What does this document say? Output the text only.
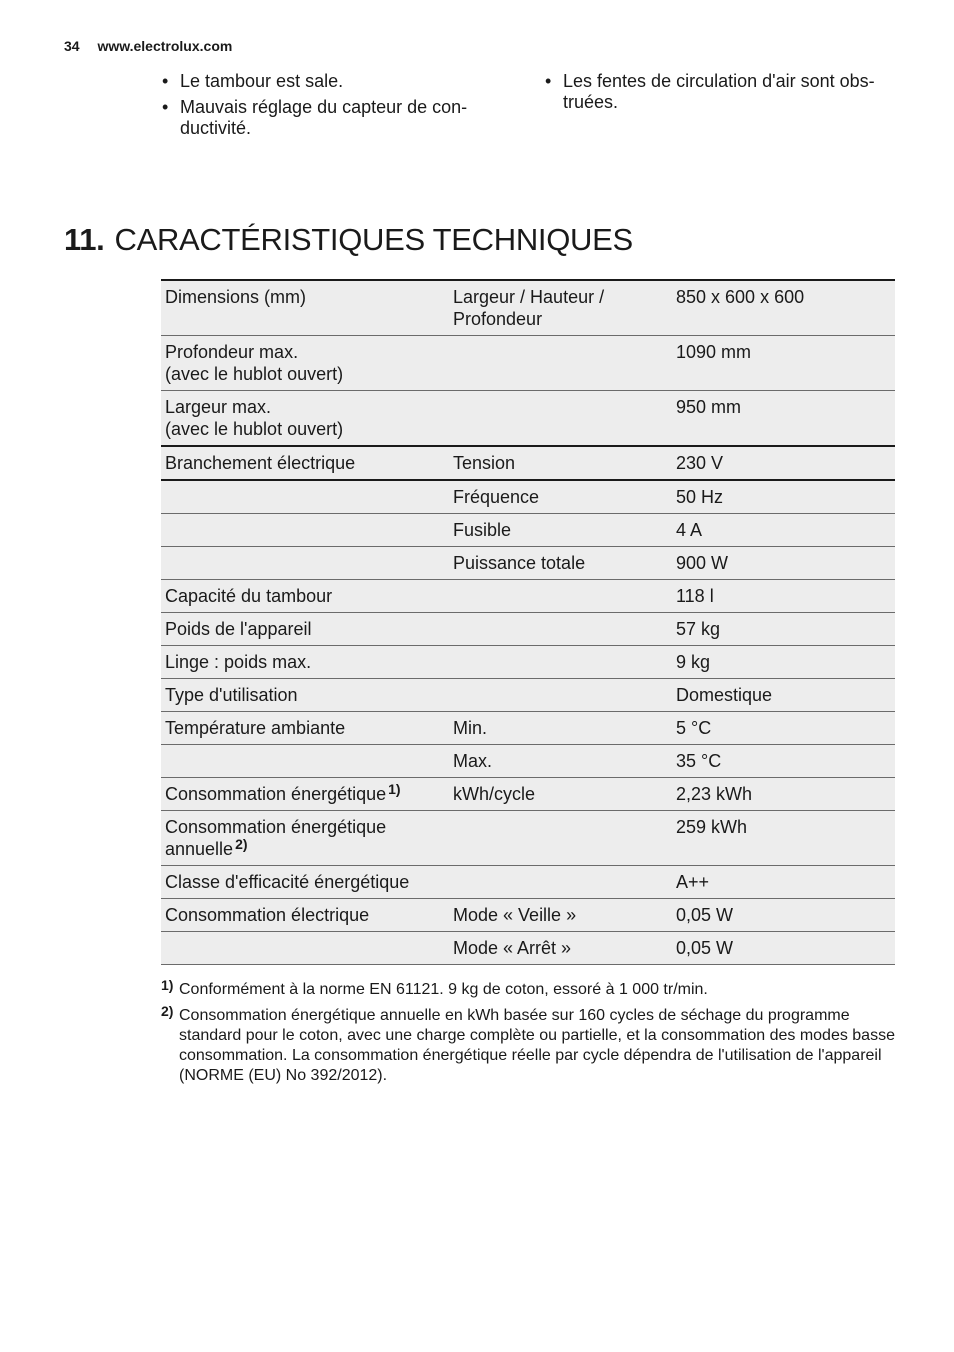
34 www.electrolux.com
• Le tambour est sale.
• Mauvais réglage du capteur de con-
ductivité.
• Les fentes de circulation d'air sont obs-
truées.
11. CARACTÉRISTIQUES TECHNIQUES
Dimensions (mm)	Largeur / Hauteur / Profondeur	850 x 600 x 600
Profondeur max.
(avec le hublot ouvert)		1090 mm
Largeur max.
(avec le hublot ouvert)		950 mm
Branchement électrique	Tension	230 V
	Fréquence	50 Hz
	Fusible	4 A
	Puissance totale	900 W
Capacité du tambour		118 l
Poids de l'appareil		57 kg
Linge : poids max.		9 kg
Type d'utilisation		Domestique
Température ambiante	Min.	5 °C
	Max.	35 °C
Consommation énergétique $^{1)}$	kWh/cycle	2,23 kWh
Consommation énergétique
annuelle $^{2)}$		259 kWh
Classe d'efficacité énergétique		A++
Consommation électrique	Mode « Veille »	0,05 W
	Mode « Arrêt »	0,05 W
1) Conformément à la norme EN 61121. 9 kg de coton, essoré à 1 000 tr/min.
2) Consommation énergétique annuelle en kWh basée sur 160 cycles de séchage du programme standard pour le coton, avec une charge complète ou partielle, et la consommation des modes basse consommation. La consommation énergétique réelle par cycle dépendra de l'utilisation de l'appareil (NORME (EU) No 392/2012).
